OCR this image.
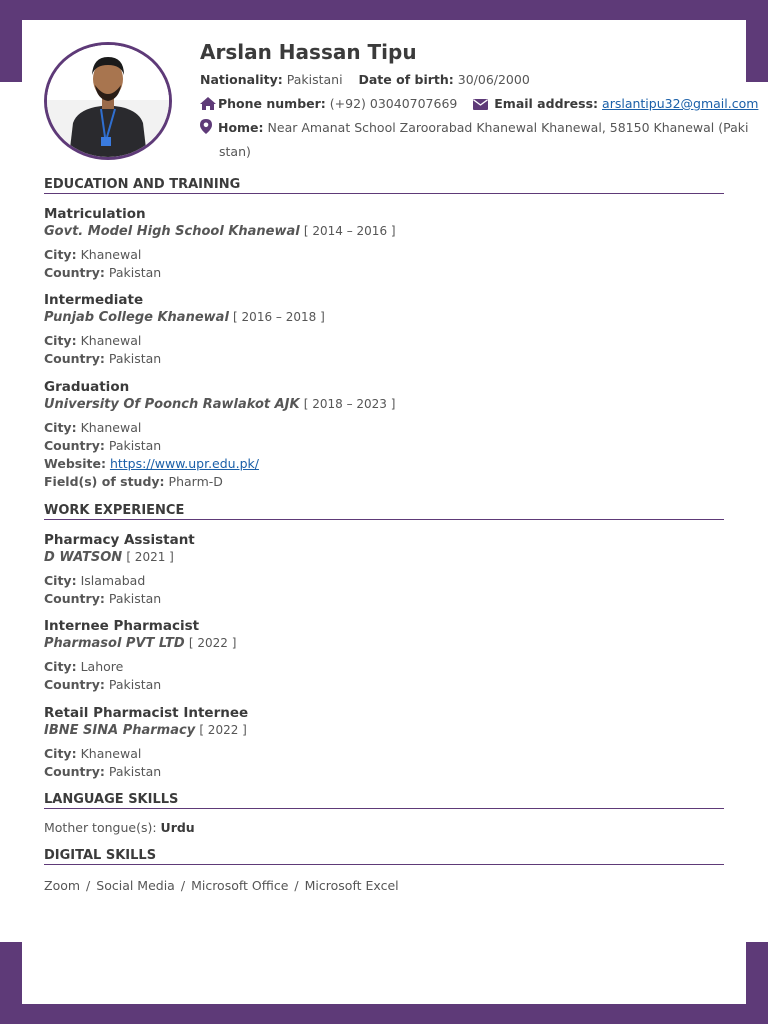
Arslan Hassan Tipu
Nationality: Pakistani Date of birth: 30/06/2000
Phone number: (+92) 03040707669	Email address: arslantipu32@gmail.com
Home: Near Amanat School Zaroorabad Khanewal Khanewal, 58150 Khanewal (Paki
stan)
EDUCATION AND TRAINING
Matriculation
Govt. Model High School Khanewal [ 2014 – 2016 ]
City: Khanewal
Country: Pakistan
Intermediate
Punjab College Khanewal [ 2016 – 2018 ]
City: Khanewal
Country: Pakistan
Graduation
University Of Poonch Rawlakot AJK [ 2018 – 2023 ]
City: Khanewal
Country: Pakistan
Website: https://www.upr.edu.pk/
Field(s) of study: Pharm-D
WORK EXPERIENCE
Pharmacy Assistant
D WATSON [ 2021 ]
City: Islamabad
Country: Pakistan
Internee Pharmacist
Pharmasol PVT LTD [ 2022 ]
City: Lahore
Country: Pakistan
Retail Pharmacist Internee
IBNE SINA Pharmacy [ 2022 ]
City: Khanewal
Country: Pakistan
LANGUAGE SKILLS
Mother tongue(s): Urdu
DIGITAL SKILLS
Zoom / Social Media / Microsoft Office / Microsoft Excel
